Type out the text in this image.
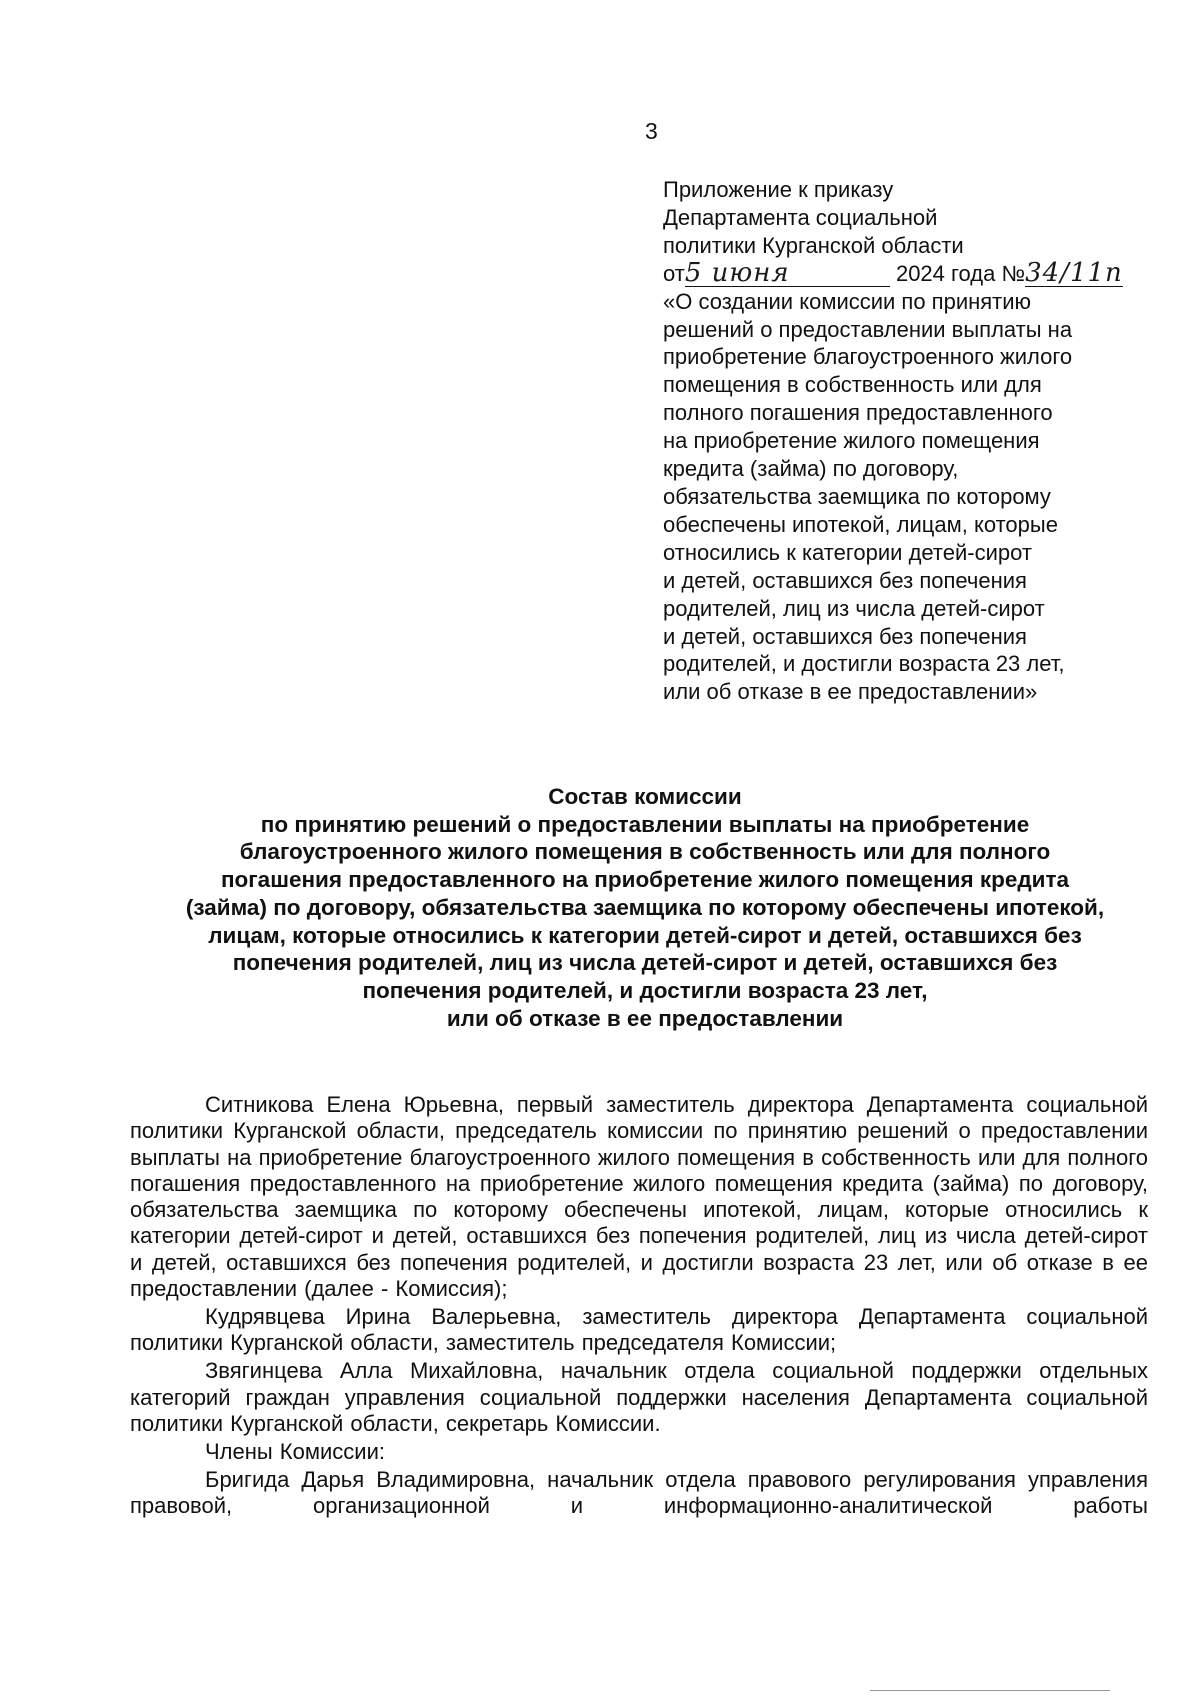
3
Приложение к приказу
Департамента социальной
политики Курганской области
от5 июня	2024 года №34/11п
«О создании комиссии по принятию
решений о предоставлении выплаты на
приобретение благоустроенного жилого
помещения в собственность или для
полного погашения предоставленного
на приобретение жилого помещения
кредита (займа) по договору,
обязательства заемщика по которому
обеспечены ипотекой, лицам, которые
относились к категории детей-сирот
и детей, оставшихся без попечения
родителей, лиц из числа детей-сирот
и детей, оставшихся без попечения
родителей, и достигли возраста 23 лет,
или об отказе в ее предоставлении»
Состав комиссии
по принятию решений о предоставлении выплаты на приобретение
благоустроенного жилого помещения в собственность или для полного
погашения предоставленного на приобретение жилого помещения кредита
(займа) по договору, обязательства заемщика по которому обеспечены ипотекой,
лицам, которые относились к категории детей-сирот и детей, оставшихся без
попечения родителей, лиц из числа детей-сирот и детей, оставшихся без
попечения родителей, и достигли возраста 23 лет,
или об отказе в ее предоставлении

Ситникова Елена Юрьевна, первый заместитель директора Департамента социальной политики Курганской области, председатель комиссии по принятию решений о предоставлении выплаты на приобретение благоустроенного жилого помещения в собственность или для полного погашения предоставленного на приобретение жилого помещения кредита (займа) по договору, обязательства заемщика по которому обеспечены ипотекой, лицам, которые относились к категории детей-сирот и детей, оставшихся без попечения родителей, лиц из числа детей-сирот и детей, оставшихся без попечения родителей, и достигли возраста 23 лет, или об отказе в ее предоставлении (далее - Комиссия);

Кудрявцева Ирина Валерьевна, заместитель директора Департамента социальной политики Курганской области, заместитель председателя Комиссии;

Звягинцева Алла Михайловна, начальник отдела социальной поддержки отдельных категорий граждан управления социальной поддержки населения Департамента социальной политики Курганской области, секретарь Комиссии.

Члены Комиссии:

Бригида Дарья Владимировна, начальник отдела правового регулирования управления правовой, организационной и информационно-аналитической работы
